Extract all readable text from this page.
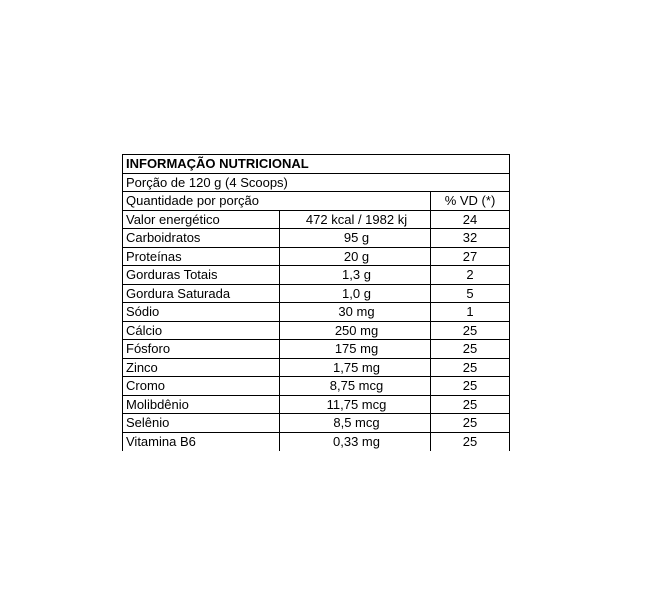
INFORMAÇÃO NUTRICIONAL
Porção de 120 g (4 Scoops)
Quantidade por porção	% VD (*)
Valor energético	472 kcal / 1982 kj	24
Carboidratos	95 g	32
Proteínas	20 g	27
Gorduras Totais	1,3 g	2
Gordura Saturada	1,0 g	5
Sódio	30 mg	1
Cálcio	250 mg	25
Fósforo	175 mg	25
Zinco	1,75 mg	25
Cromo	8,75 mcg	25
Molibdênio	11,75 mcg	25
Selênio	8,5 mcg	25
Vitamina B6	0,33 mg	25
